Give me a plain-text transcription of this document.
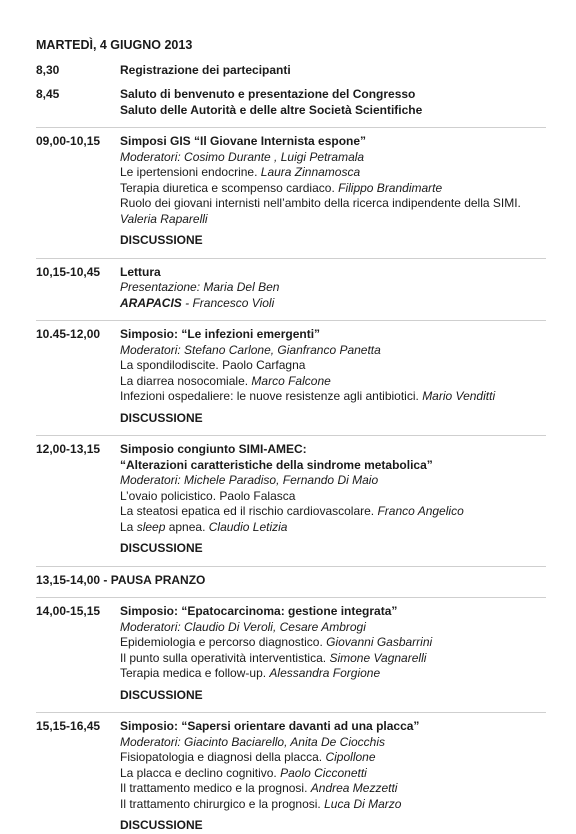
MARTEDÌ, 4 GIUGNO 2013
8,30	Registrazione dei partecipanti
8,45	Saluto di benvenuto e presentazione del Congresso
Saluto delle Autorità e delle altre Società Scientifiche
09,00-10,15	Simposi GIS “Il Giovane Internista espone”
Moderatori: Cosimo Durante , Luigi Petramala
Le ipertensioni endocrine. Laura Zinnamosca
Terapia diuretica e scompenso cardiaco. Filippo Brandimarte
Ruolo dei giovani internisti nell’ambito della ricerca indipendente della SIMI.
Valeria Raparelli
DISCUSSIONE
10,15-10,45	Lettura
Presentazione: Maria Del Ben
ARAPACIS - Francesco Violi
10.45-12,00	Simposio: “Le infezioni emergenti”
Moderatori: Stefano Carlone, Gianfranco Panetta
La spondilodiscite. Paolo Carfagna
La diarrea nosocomiale. Marco Falcone
Infezioni ospedaliere: le nuove resistenze agli antibiotici. Mario Venditti
DISCUSSIONE
12,00-13,15	Simposio congiunto SIMI-AMEC:
“Alterazioni caratteristiche della sindrome metabolica”
Moderatori: Michele Paradiso, Fernando Di Maio
L’ovaio policistico. Paolo Falasca
La steatosi epatica ed il rischio cardiovascolare. Franco Angelico
La sleep apnea. Claudio Letizia
DISCUSSIONE
13,15-14,00 - PAUSA PRANZO
14,00-15,15	Simposio: “Epatocarcinoma: gestione integrata”
Moderatori: Claudio Di Veroli, Cesare Ambrogi
Epidemiologia e percorso diagnostico. Giovanni Gasbarrini
Il punto sulla operatività interventistica. Simone Vagnarelli
Terapia medica e follow-up. Alessandra Forgione
DISCUSSIONE
15,15-16,45	Simposio: “Sapersi orientare davanti ad una placca”
Moderatori: Giacinto Baciarello, Anita De Ciocchis
Fisiopatologia e diagnosi della placca. Cipollone
La placca e declino cognitivo. Paolo Cicconetti
Il trattamento medico e la prognosi. Andrea Mezzetti
Il trattamento chirurgico e la prognosi. Luca Di Marzo
DISCUSSIONE
